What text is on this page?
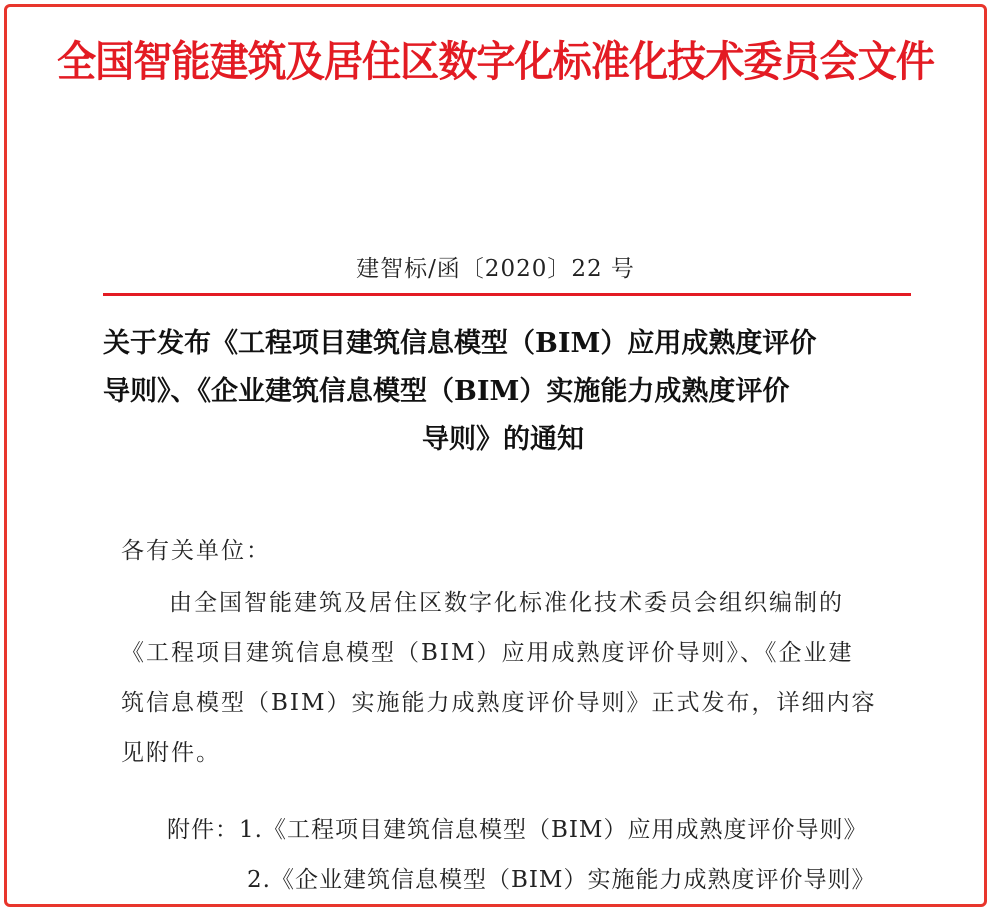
全国智能建筑及居住区数字化标准化技术委员会文件
建智标/函〔2020〕22 号
关于发布《工程项目建筑信息模型（BIM）应用成熟度评价
导则》、《企业建筑信息模型（BIM）实施能力成熟度评价
导则》的通知
各有关单位：
由全国智能建筑及居住区数字化标准化技术委员会组织编制的
《工程项目建筑信息模型（BIM）应用成熟度评价导则》、《企业建
筑信息模型（BIM）实施能力成熟度评价导则》正式发布，详细内容
见附件。
附件：1.《工程项目建筑信息模型（BIM）应用成熟度评价导则》
2.《企业建筑信息模型（BIM）实施能力成熟度评价导则》
